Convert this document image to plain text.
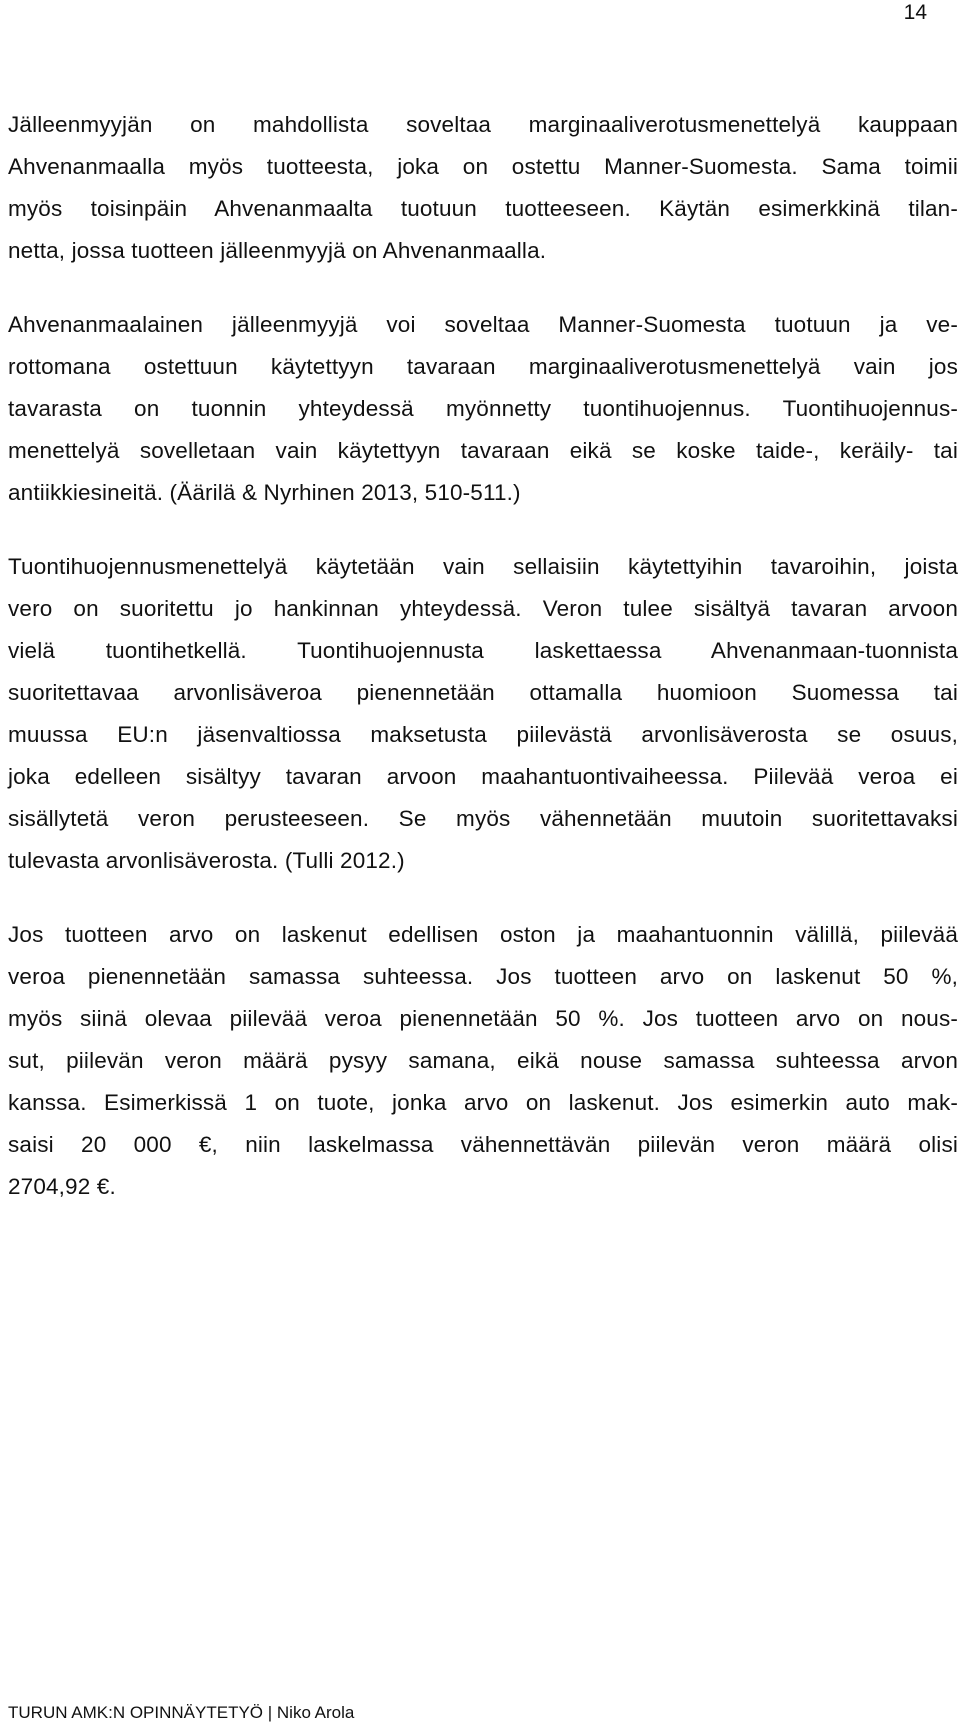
14

Jälleenmyyjän on mahdollista soveltaa marginaaliverotusmenettelyä kauppaan
Ahvenanmaalla myös tuotteesta, joka on ostettu Manner-Suomesta. Sama toimii
myös toisinpäin Ahvenanmaalta tuotuun tuotteeseen. Käytän esimerkkinä tilan-
netta, jossa tuotteen jälleenmyyjä on Ahvenanmaalla.

Ahvenanmaalainen jälleenmyyjä voi soveltaa Manner-Suomesta tuotuun ja ve-
rottomana ostettuun käytettyyn tavaraan marginaaliverotusmenettelyä vain jos
tavarasta on tuonnin yhteydessä myönnetty tuontihuojennus. Tuontihuojennus-
menettelyä sovelletaan vain käytettyyn tavaraan eikä se koske taide-, keräily- tai
antiikkiesineitä. (Äärilä & Nyrhinen 2013, 510-511.)

Tuontihuojennusmenettelyä käytetään vain sellaisiin käytettyihin tavaroihin, joista
vero on suoritettu jo hankinnan yhteydessä. Veron tulee sisältyä tavaran arvoon
vielä tuontihetkellä. Tuontihuojennusta laskettaessa Ahvenanmaan-tuonnista
suoritettavaa arvonlisäveroa pienennetään ottamalla huomioon Suomessa tai
muussa EU:n jäsenvaltiossa maksetusta piilevästä arvonlisäverosta se osuus,
joka edelleen sisältyy tavaran arvoon maahantuontivaiheessa. Piilevää veroa ei
sisällytetä veron perusteeseen. Se myös vähennetään muutoin suoritettavaksi
tulevasta arvonlisäverosta. (Tulli 2012.)

Jos tuotteen arvo on laskenut edellisen oston ja maahantuonnin välillä, piilevää
veroa pienennetään samassa suhteessa. Jos tuotteen arvo on laskenut 50 %,
myös siinä olevaa piilevää veroa pienennetään 50 %. Jos tuotteen arvo on nous-
sut, piilevän veron määrä pysyy samana, eikä nouse samassa suhteessa arvon
kanssa. Esimerkissä 1 on tuote, jonka arvo on laskenut. Jos esimerkin auto mak-
saisi 20 000 €, niin laskelmassa vähennettävän piilevän veron määrä olisi
2704,92 €.

TURUN AMK:N OPINNÄYTETYÖ | Niko Arola
